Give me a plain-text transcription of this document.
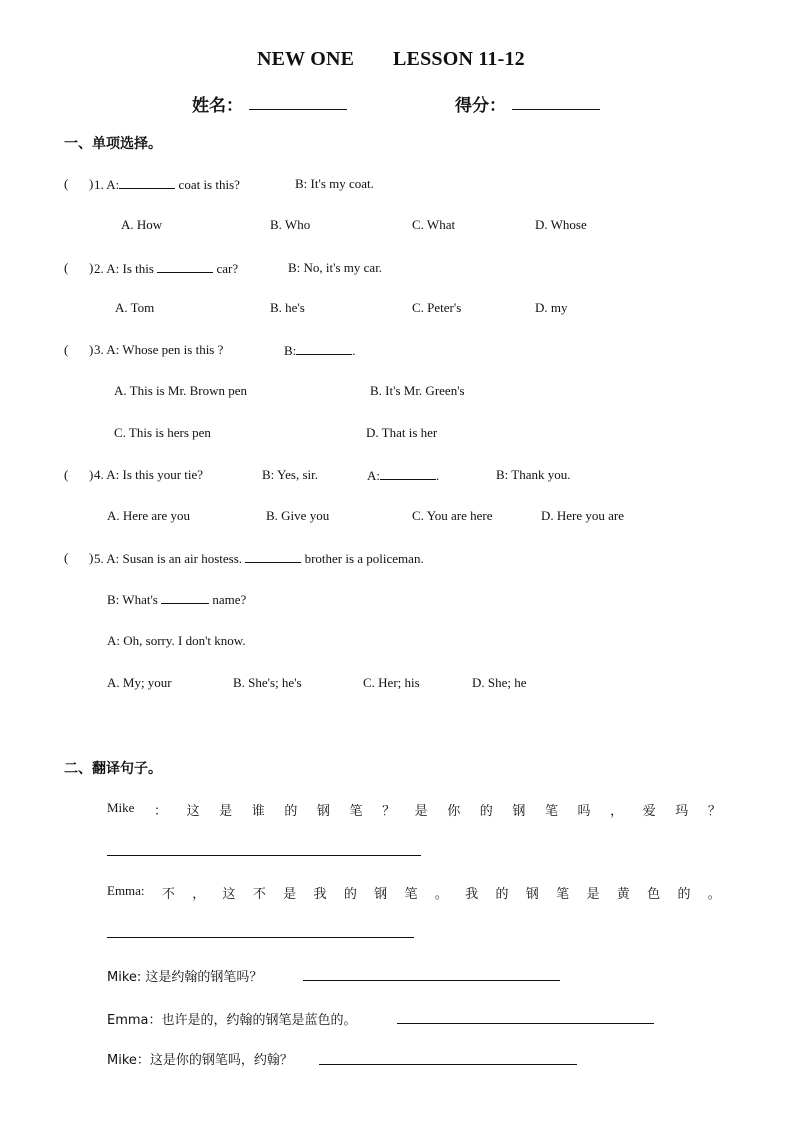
NEW ONE LESSON 11-12
姓名：	得分：
一、单项选择。
( ) 1. A:	coat is this?	B: It's my coat.
A. How	B. Who	C. What	D. Whose
( ) 2. A: Is this	car?	B: No, it's my car.
A. Tom	B. he's	C. Peter's	D. my
( ) 3. A: Whose pen is this ?	B:	.
A. This is Mr. Brown pen	B. It's Mr. Green's
C. This is hers pen	D. That is her
( ) 4. A: Is this your tie?	B: Yes, sir.	A:	.	B: Thank you.
A. Here are you	B. Give you	C. You are here	D. Here you are
( ) 5. A: Susan is an air hostess.	brother is a policeman.
B: What's	name?
A: Oh, sorry. I don't know.
A. My; your	B. She's; he's	C. Her; his	D. She; he
二、翻译句子。
Mike ： 这 是 谁 的 钢 笔 ？ 是 你 的 钢 笔 吗 ， 爱 玛 ？
Emma: 不 ， 这 不 是 我 的 钢 笔 。 我 的 钢 笔 是 黄 色 的 。
Mike: 这是约翰的钢笔吗？
Emma：也许是的，约翰的钢笔是蓝色的。
Mike：这是你的钢笔吗，约翰？
